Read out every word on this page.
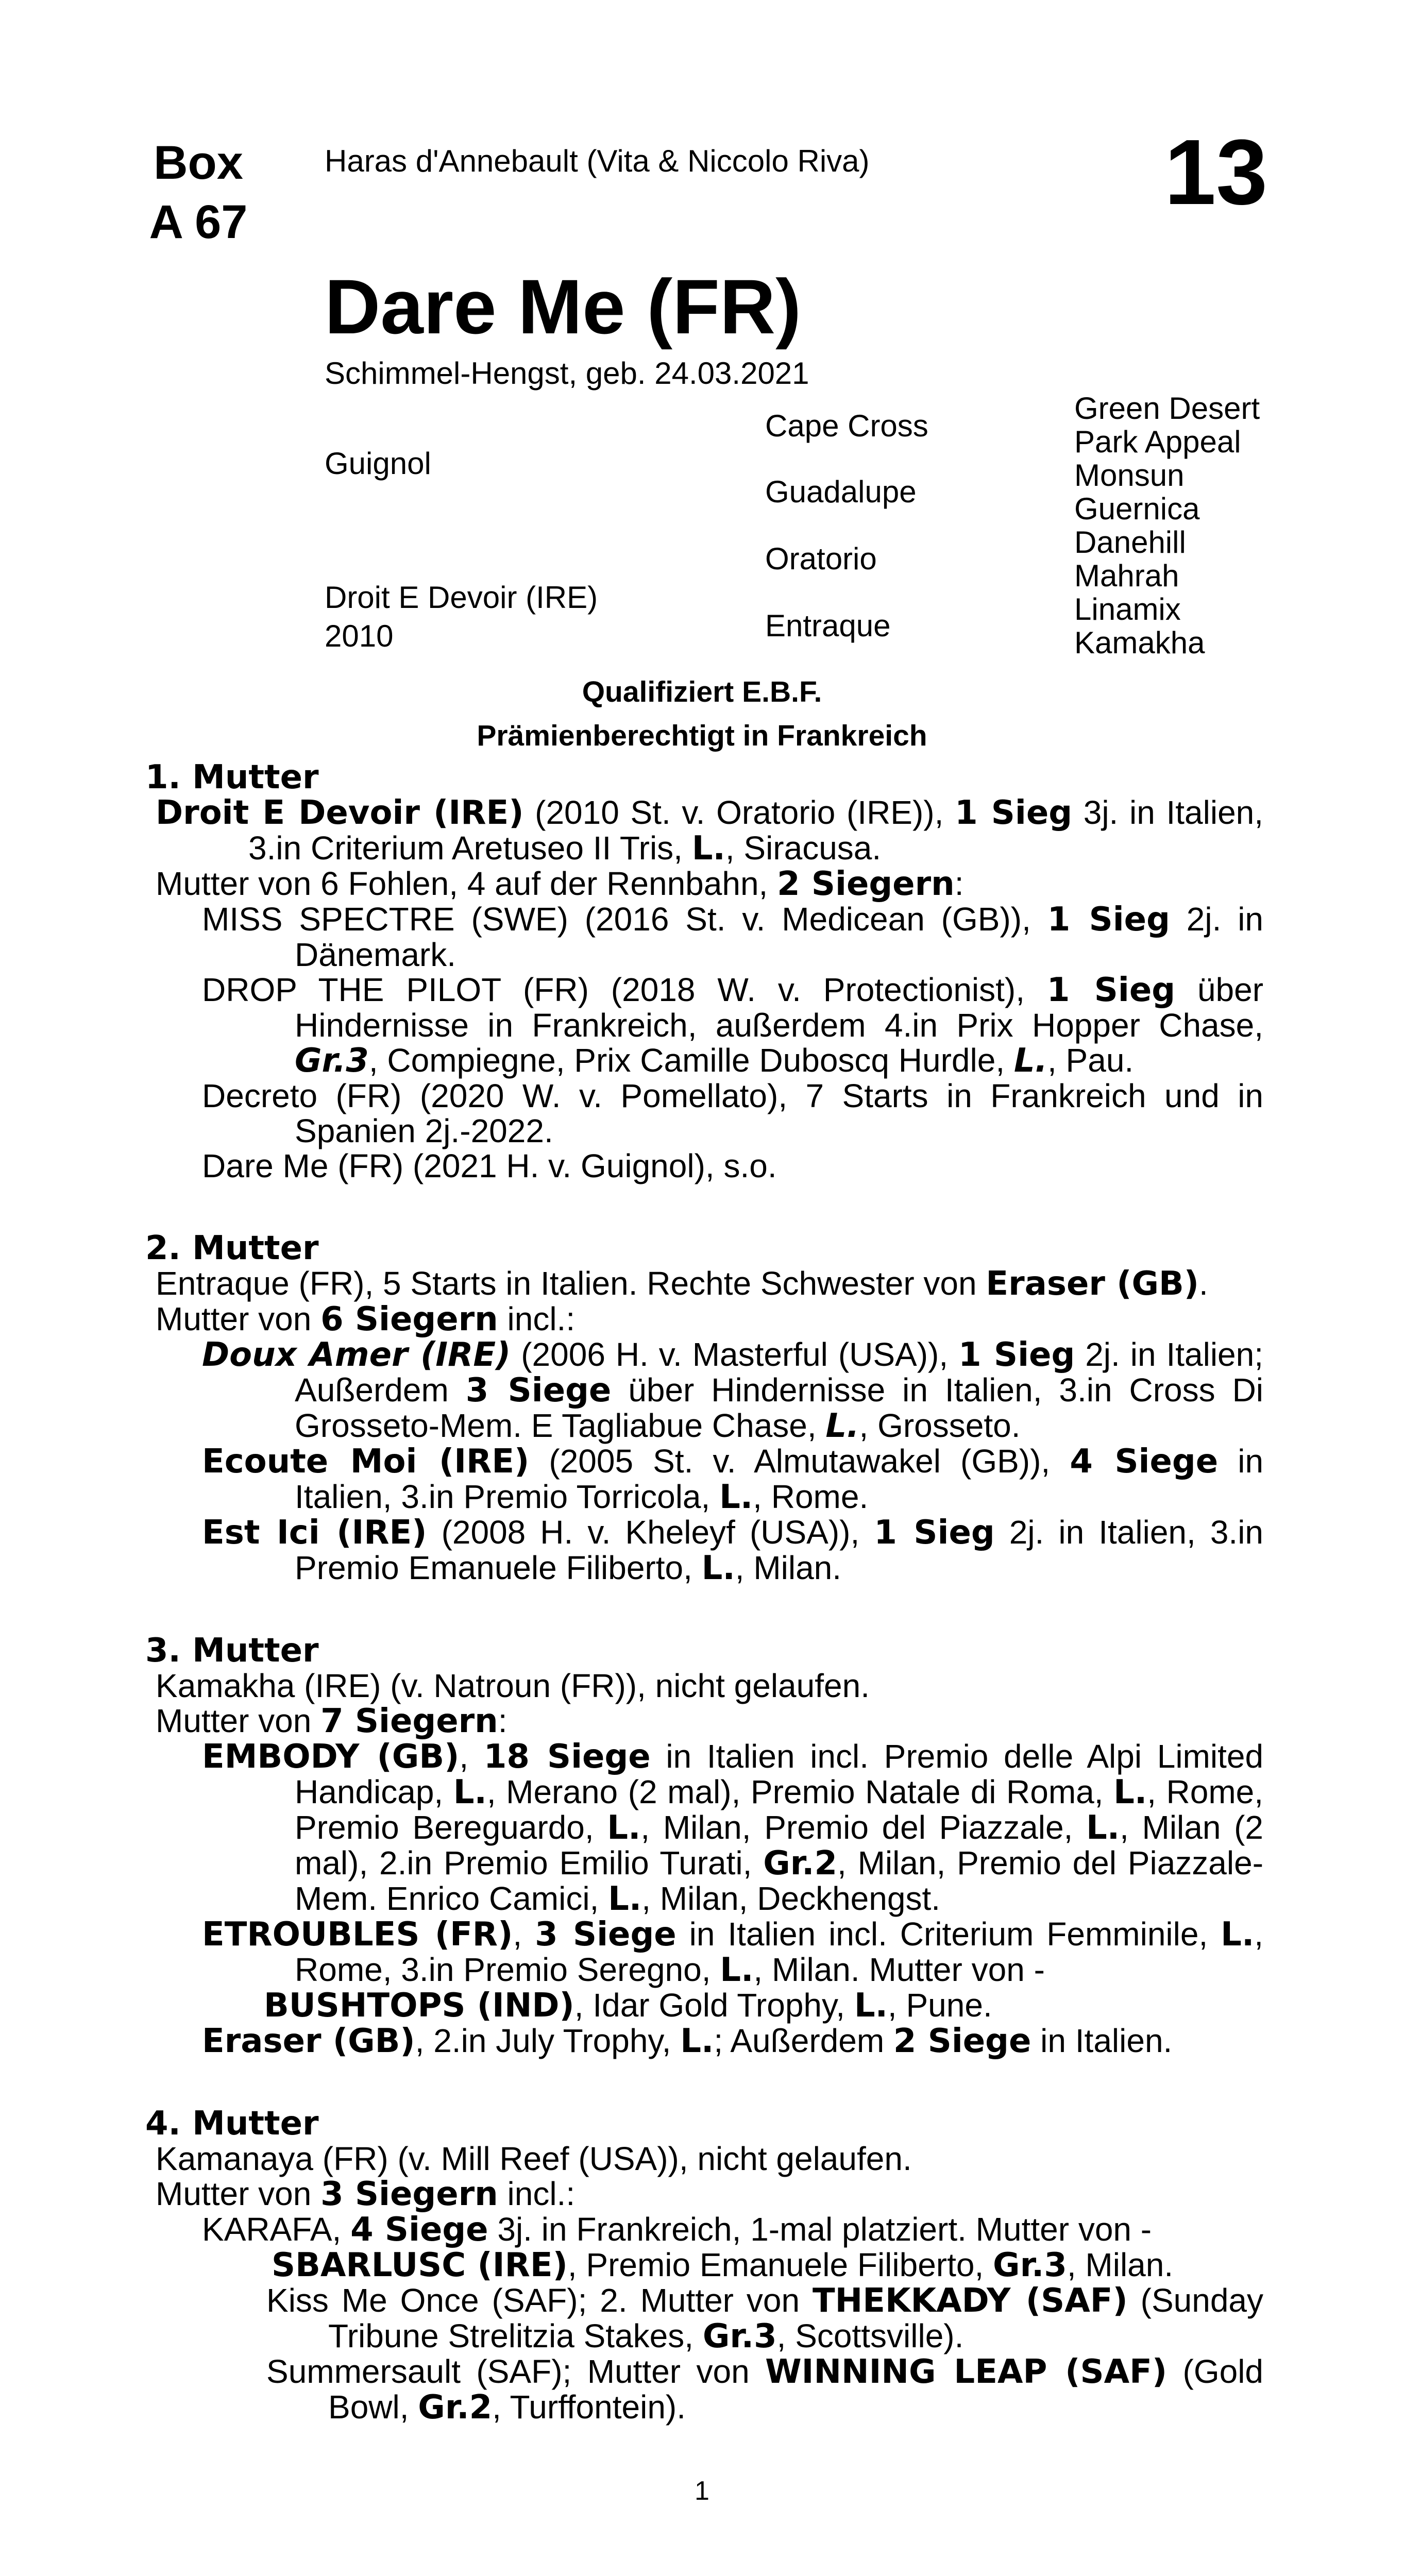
Box
A 67
Haras d'Annebault (Vita & Niccolo Riva)	13
Dare Me (FR)
Schimmel-Hengst, geb. 24.03.2021
Guignol
Droit E Devoir (IRE)
2010
Cape Cross
Guadalupe
Oratorio
Entraque
Green Desert
Park Appeal
Monsun
Guernica
Danehill
Mahrah
Linamix
Kamakha
Qualifiziert E.B.F.
Prämienberechtigt in Frankreich
1. Mutter

Droit E Devoir (IRE) (2010 St. v. Oratorio (IRE)), 1 Sieg 3j. in Italien, 3.in Criterium Aretuseo II Tris, L., Siracusa.

Mutter von 6 Fohlen, 4 auf der Rennbahn, 2 Siegern:

MISS SPECTRE (SWE) (2016 St. v. Medicean (GB)), 1 Sieg 2j. in Dänemark.

DROP THE PILOT (FR) (2018 W. v. Protectionist), 1 Sieg über Hindernisse in Frankreich, außerdem 4.in Prix Hopper Chase, Gr.3, Compiegne, Prix Camille Duboscq Hurdle, L., Pau.

Decreto (FR) (2020 W. v. Pomellato), 7 Starts in Frankreich und in Spanien 2j.-2022.

Dare Me (FR) (2021 H. v. Guignol), s.o.

2. Mutter

Entraque (FR), 5 Starts in Italien. Rechte Schwester von Eraser (GB).

Mutter von 6 Siegern incl.:

Doux Amer (IRE) (2006 H. v. Masterful (USA)), 1 Sieg 2j. in Italien; Außerdem 3 Siege über Hindernisse in Italien, 3.in Cross Di Grosseto-Mem. E Tagliabue Chase, L., Grosseto.

Ecoute Moi (IRE) (2005 St. v. Almutawakel (GB)), 4 Siege in Italien, 3.in Premio Torricola, L., Rome.

Est Ici (IRE) (2008 H. v. Kheleyf (USA)), 1 Sieg 2j. in Italien, 3.in Premio Emanuele Filiberto, L., Milan.

3. Mutter

Kamakha (IRE) (v. Natroun (FR)), nicht gelaufen.

Mutter von 7 Siegern:

EMBODY (GB), 18 Siege in Italien incl. Premio delle Alpi Limited Handicap, L., Merano (2 mal), Premio Natale di Roma, L., Rome, Premio Bereguardo, L., Milan, Premio del Piazzale, L., Milan (2 mal), 2.in Premio Emilio Turati, Gr.2, Milan, Premio del Piazzale-Mem. Enrico Camici, L., Milan, Deckhengst.

ETROUBLES (FR), 3 Siege in Italien incl. Criterium Femminile, L., Rome, 3.in Premio Seregno, L., Milan. Mutter von -

BUSHTOPS (IND), Idar Gold Trophy, L., Pune.

Eraser (GB), 2.in July Trophy, L.; Außerdem 2 Siege in Italien.

4. Mutter

Kamanaya (FR) (v. Mill Reef (USA)), nicht gelaufen.

Mutter von 3 Siegern incl.:

KARAFA, 4 Siege 3j. in Frankreich, 1-mal platziert. Mutter von -

SBARLUSC (IRE), Premio Emanuele Filiberto, Gr.3, Milan.

Kiss Me Once (SAF); 2. Mutter von THEKKADY (SAF) (Sunday Tribune Strelitzia Stakes, Gr.3, Scottsville).

Summersault (SAF); Mutter von WINNING LEAP (SAF) (Gold Bowl, Gr.2, Turffontein).

1
